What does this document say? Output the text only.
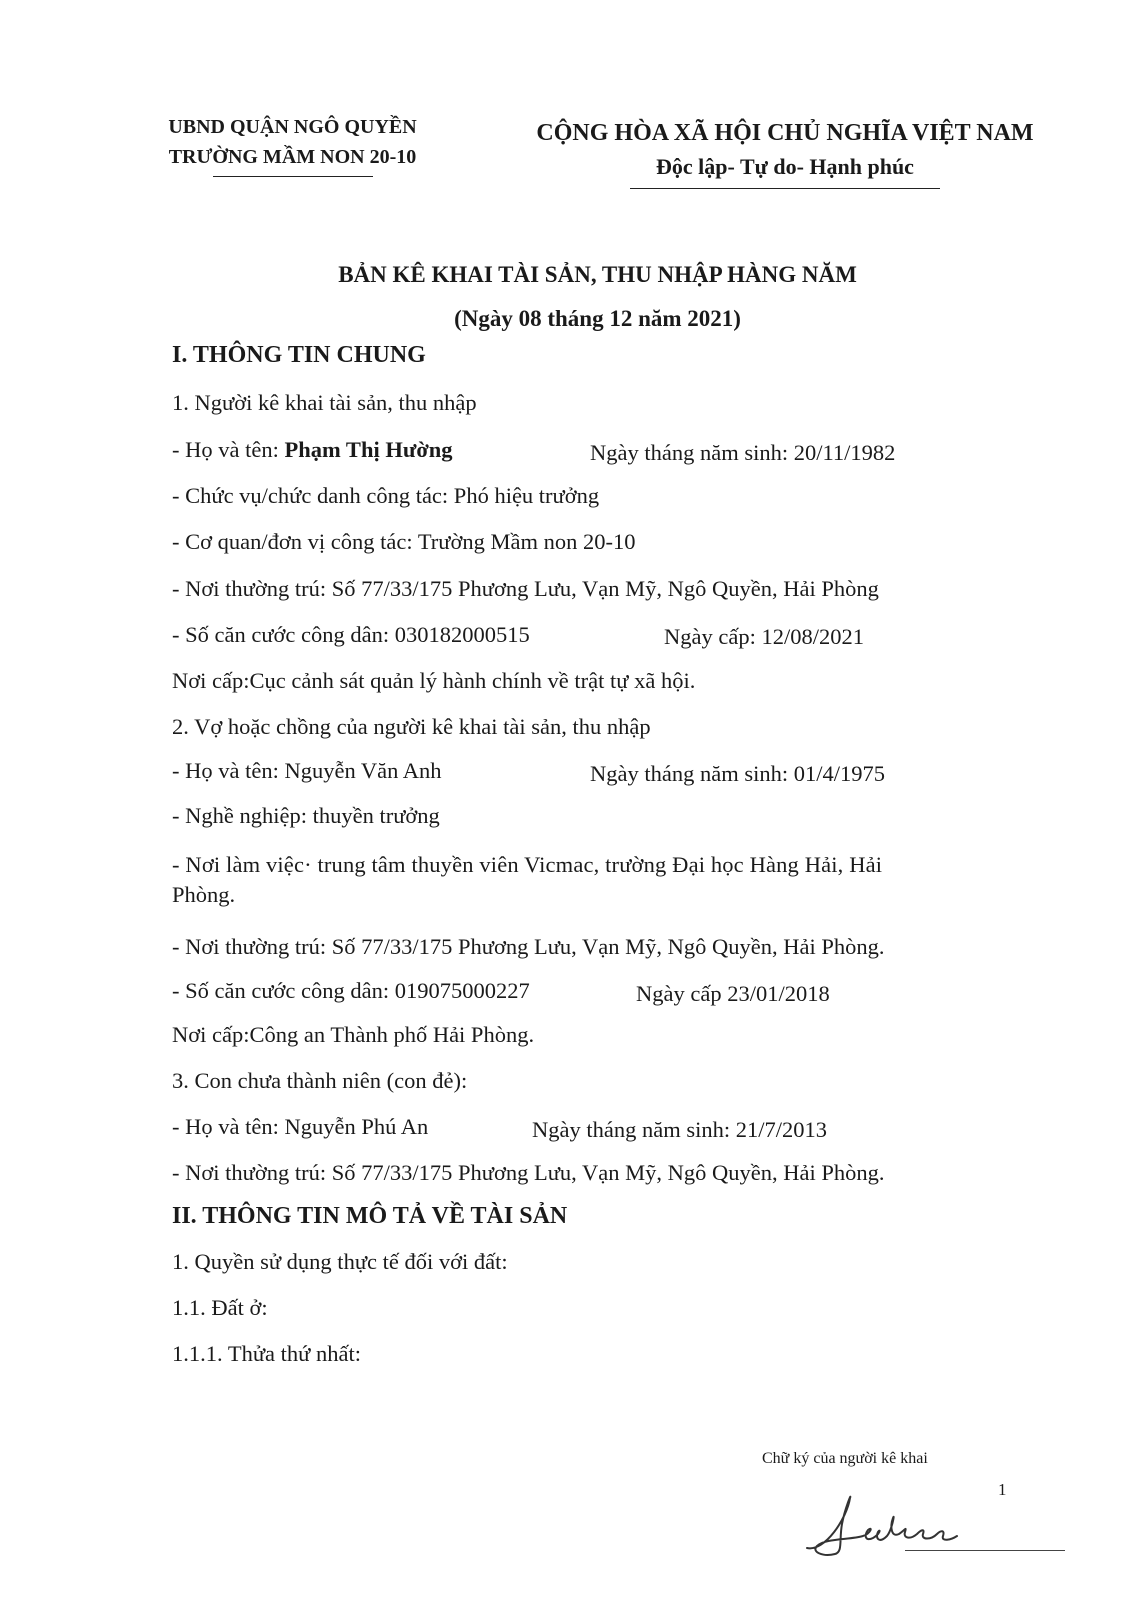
UBND QUẬN NGÔ QUYỀN
TRƯỜNG MẦM NON 20-10
CỘNG HÒA XÃ HỘI CHỦ NGHĨA VIỆT NAM
Độc lập- Tự do- Hạnh phúc
BẢN KÊ KHAI TÀI SẢN, THU NHẬP HÀNG NĂM
(Ngày 08 tháng 12 năm 2021)
I. THÔNG TIN CHUNG
1. Người kê khai tài sản, thu nhập
- Họ và tên: Phạm Thị Hường	Ngày tháng năm sinh: 20/11/1982
- Chức vụ/chức danh công tác: Phó hiệu trưởng
- Cơ quan/đơn vị công tác: Trường Mầm non 20-10
- Nơi thường trú: Số 77/33/175 Phương Lưu, Vạn Mỹ, Ngô Quyền, Hải Phòng
- Số căn cước công dân: 030182000515	Ngày cấp: 12/08/2021
Nơi cấp:Cục cảnh sát quản lý hành chính về trật tự xã hội.
2. Vợ hoặc chồng của người kê khai tài sản, thu nhập
- Họ và tên: Nguyễn Văn Anh	Ngày tháng năm sinh: 01/4/1975
- Nghề nghiệp: thuyền trưởng
- Nơi làm việc· trung tâm thuyền viên Vicmac, trường Đại học Hàng Hải, Hải
Phòng.
- Nơi thường trú: Số 77/33/175 Phương Lưu, Vạn Mỹ, Ngô Quyền, Hải Phòng.
- Số căn cước công dân: 019075000227	Ngày cấp 23/01/2018
Nơi cấp:Công an Thành phố Hải Phòng.
3. Con chưa thành niên (con đẻ):
- Họ và tên: Nguyễn Phú An	Ngày tháng năm sinh: 21/7/2013
- Nơi thường trú: Số 77/33/175 Phương Lưu, Vạn Mỹ, Ngô Quyền, Hải Phòng.
II. THÔNG TIN MÔ TẢ VỀ TÀI SẢN
1. Quyền sử dụng thực tế đối với đất:
1.1. Đất ở:
1.1.1. Thửa thứ nhất:
Chữ ký của người kê khai
1
